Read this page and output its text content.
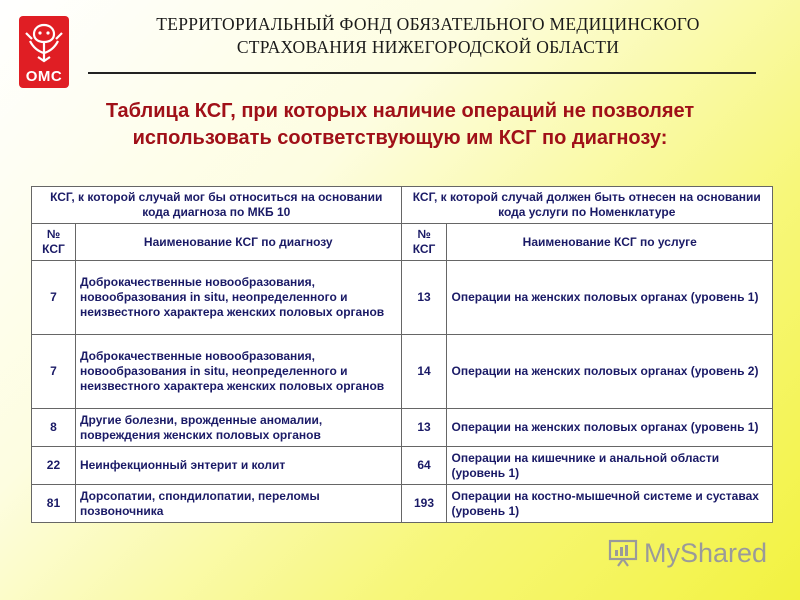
ОМС
ТЕРРИТОРИАЛЬНЫЙ ФОНД ОБЯЗАТЕЛЬНОГО МЕДИЦИНСКОГО
СТРАХОВАНИЯ НИЖЕГОРОДСКОЙ ОБЛАСТИ
Таблица КСГ, при которых наличие операций не позволяет
использовать соответствующую им КСГ по диагнозу:
КСГ, к которой случай мог бы относиться на основании кода диагноза по МКБ 10		КСГ, к которой случай должен быть отнесен на основании кода услуги по Номенклатуре	
№ КСГ	Наименование КСГ по диагнозу	№ КСГ	Наименование КСГ по услуге
7	Доброкачественные новообразования, новообразования in situ, неопределенного и неизвестного характера женских половых органов	13	Операции на женских половых органах (уровень 1)
7	Доброкачественные новообразования, новообразования in situ, неопределенного и неизвестного характера женских половых органов	14	Операции на женских половых органах (уровень 2)
8	Другие болезни, врожденные аномалии, повреждения женских половых органов	13	Операции на женских половых органах (уровень 1)
22	Неинфекционный энтерит и колит	64	Операции на кишечнике и анальной области (уровень 1)
81	Дорсопатии, спондилопатии, переломы позвоночника	193	Операции на костно-мышечной системе и суставах (уровень 1)
MyShared
